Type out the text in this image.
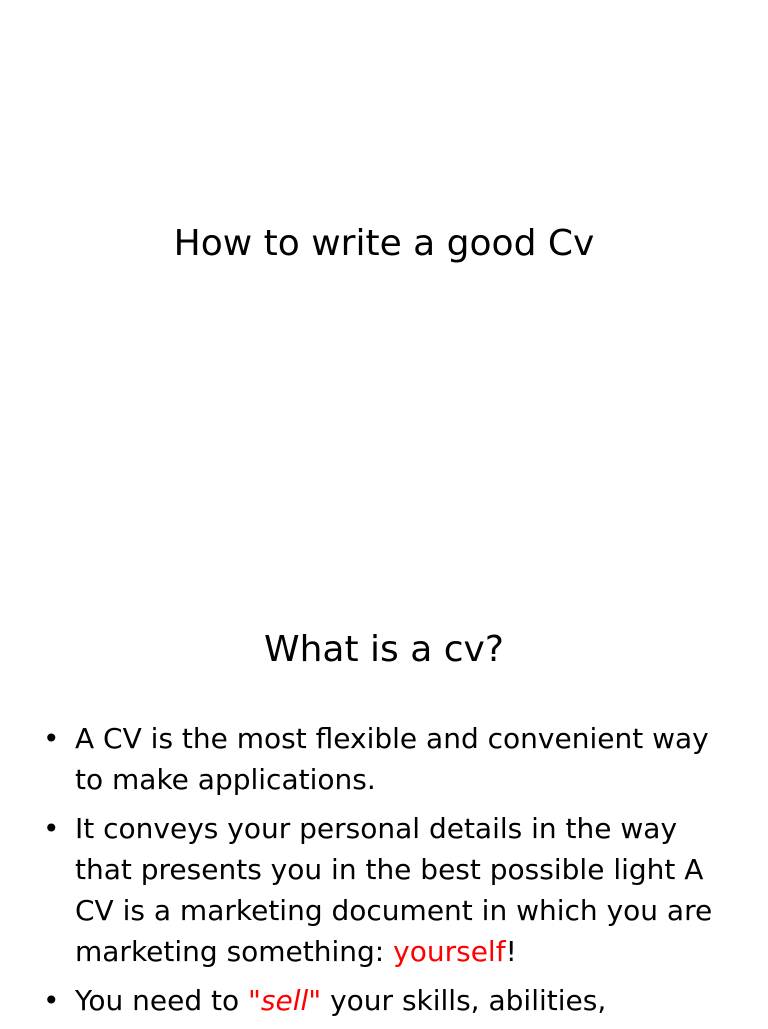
How to write a good Cv
What is a cv?
• A CV is the most flexible and convenient way to make applications.
• It conveys your personal details in the way that presents you in the best possible light A CV is a marketing document in which you are marketing something: yourself!
• You need to "sell" your skills, abilities,
